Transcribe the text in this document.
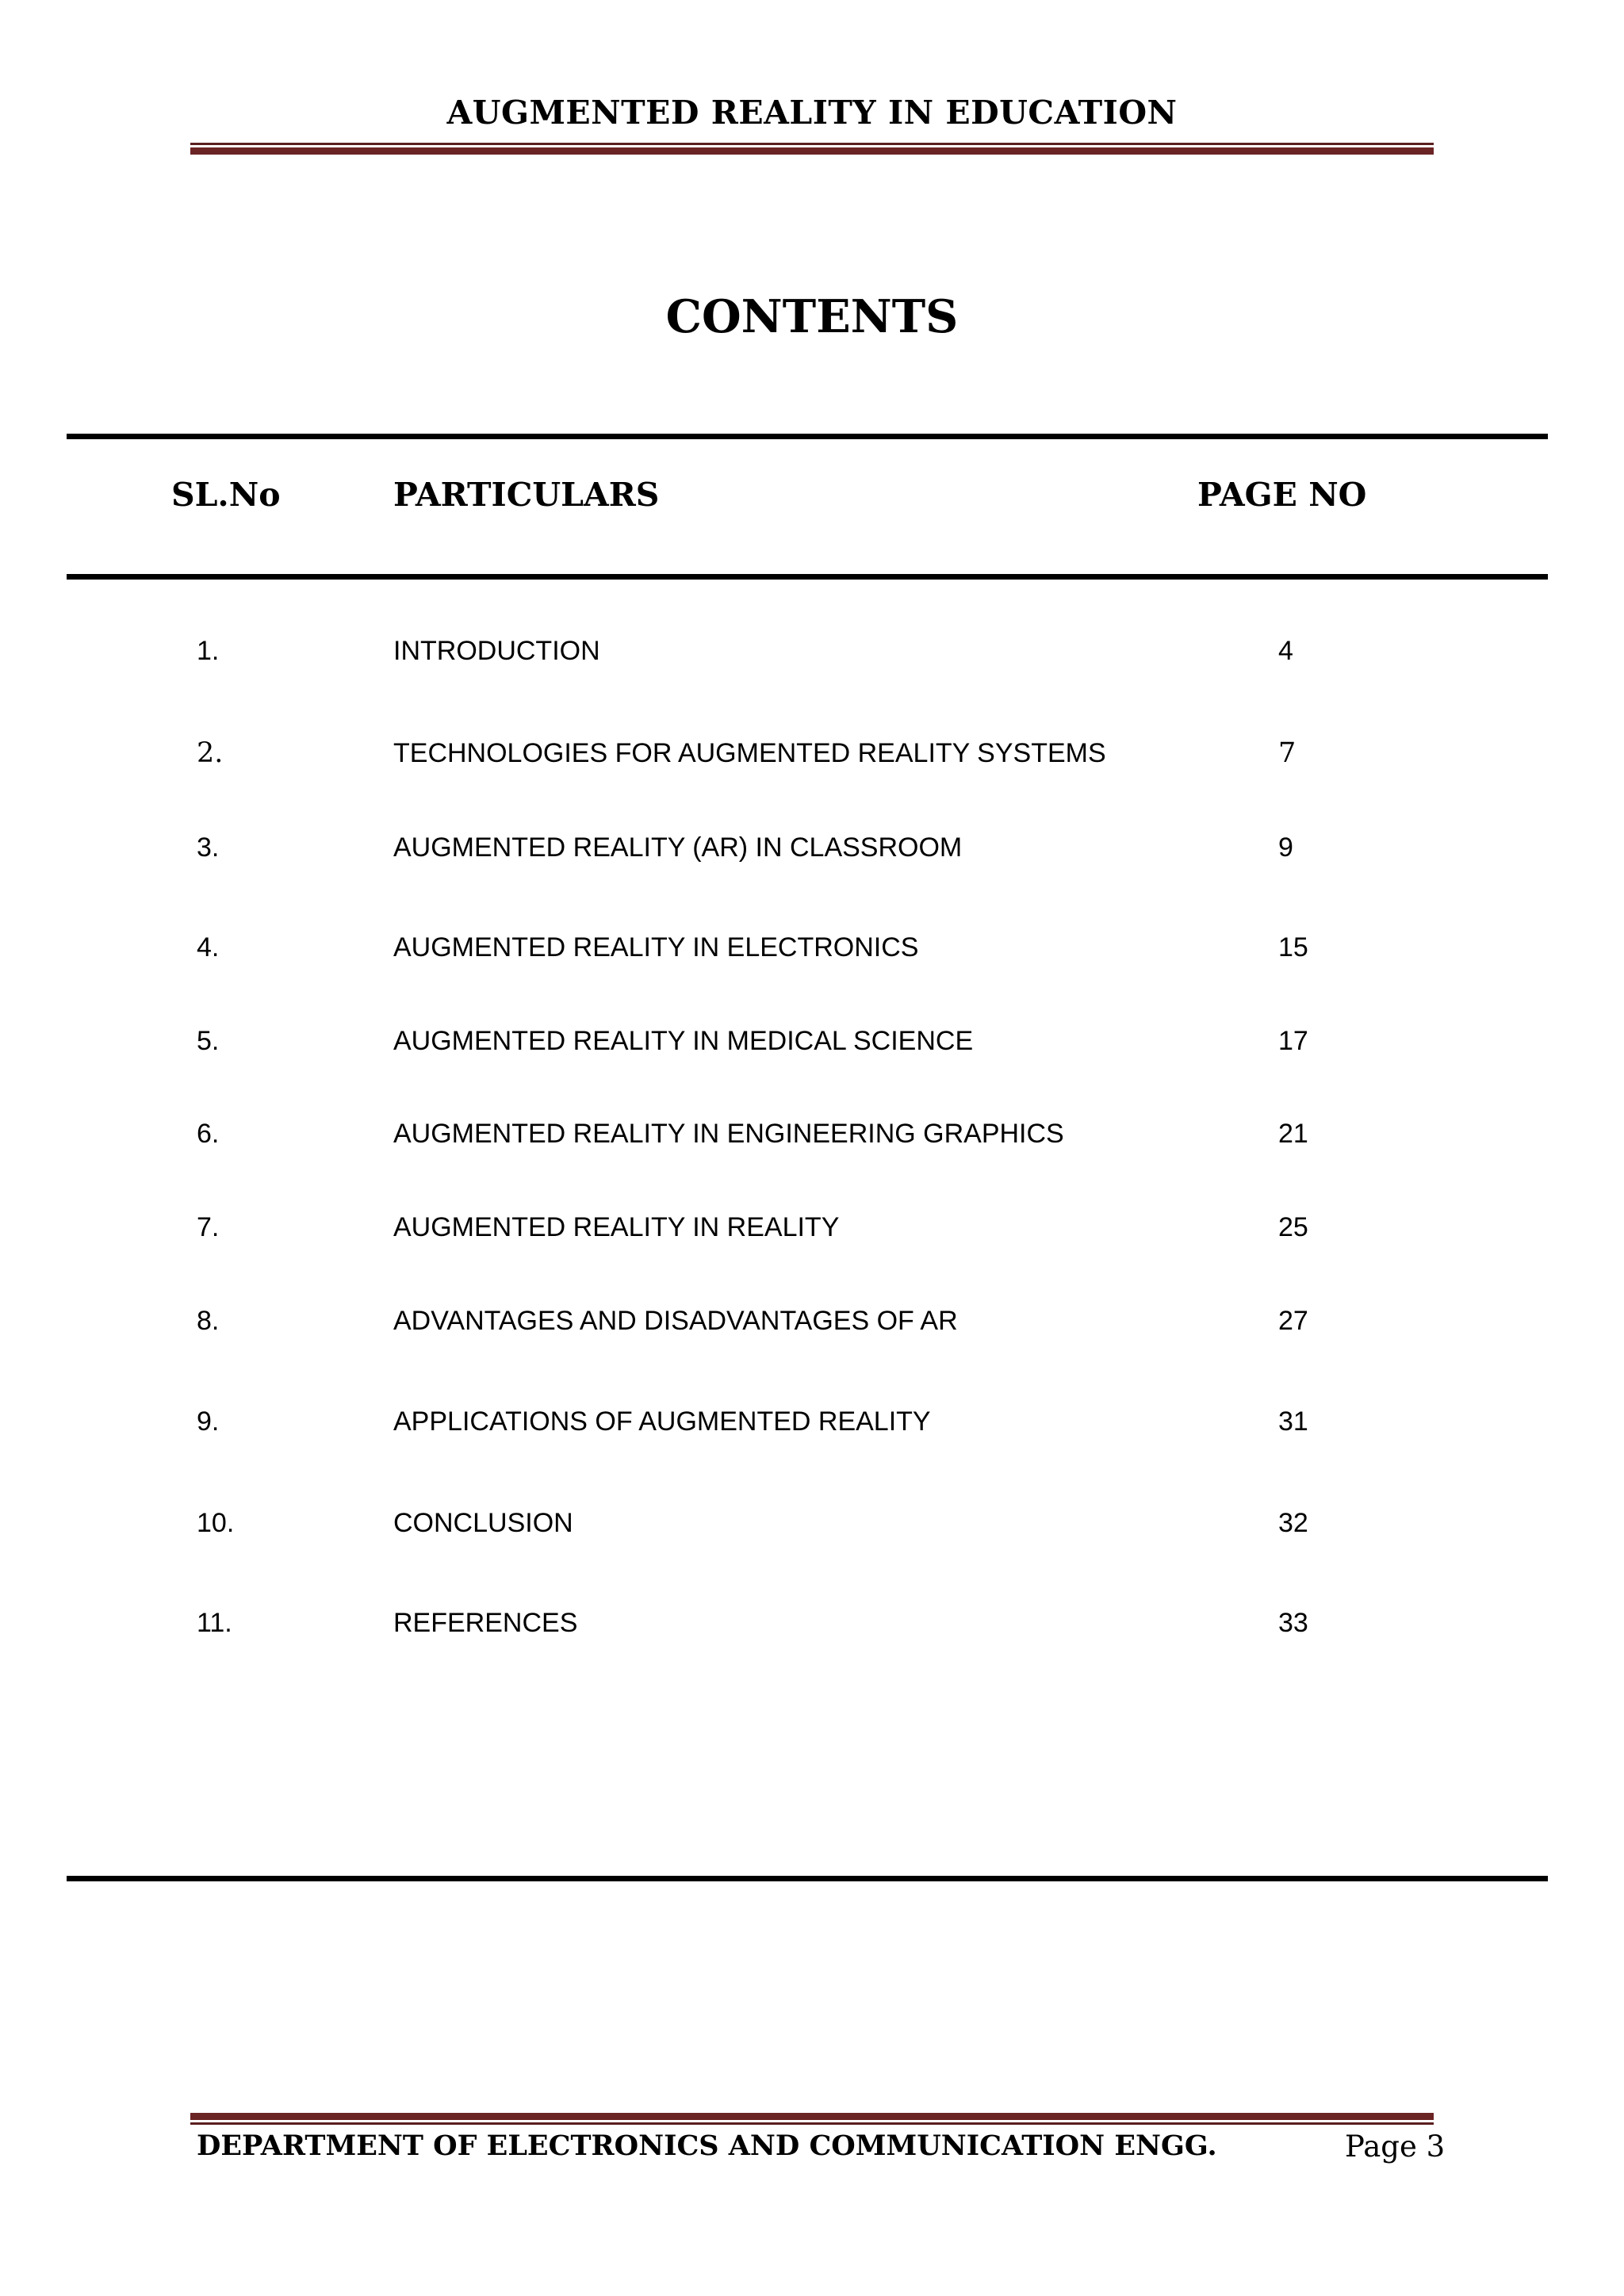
AUGMENTED REALITY IN EDUCATION
CONTENTS
SL.No	PARTICULARS	PAGE NO
1.	INTRODUCTION	4
2.	TECHNOLOGIES FOR AUGMENTED REALITY SYSTEMS	7
3.	AUGMENTED REALITY (AR) IN CLASSROOM	9
4.	AUGMENTED REALITY IN ELECTRONICS	15
5.	AUGMENTED REALITY IN MEDICAL SCIENCE	17
6.	AUGMENTED REALITY IN ENGINEERING GRAPHICS	21
7.	AUGMENTED REALITY IN REALITY	25
8.	ADVANTAGES AND DISADVANTAGES OF AR	27
9.	APPLICATIONS OF AUGMENTED REALITY	31
10.	CONCLUSION	32
11.	REFERENCES	33
DEPARTMENT OF ELECTRONICS AND COMMUNICATION ENGG.	Page 3
